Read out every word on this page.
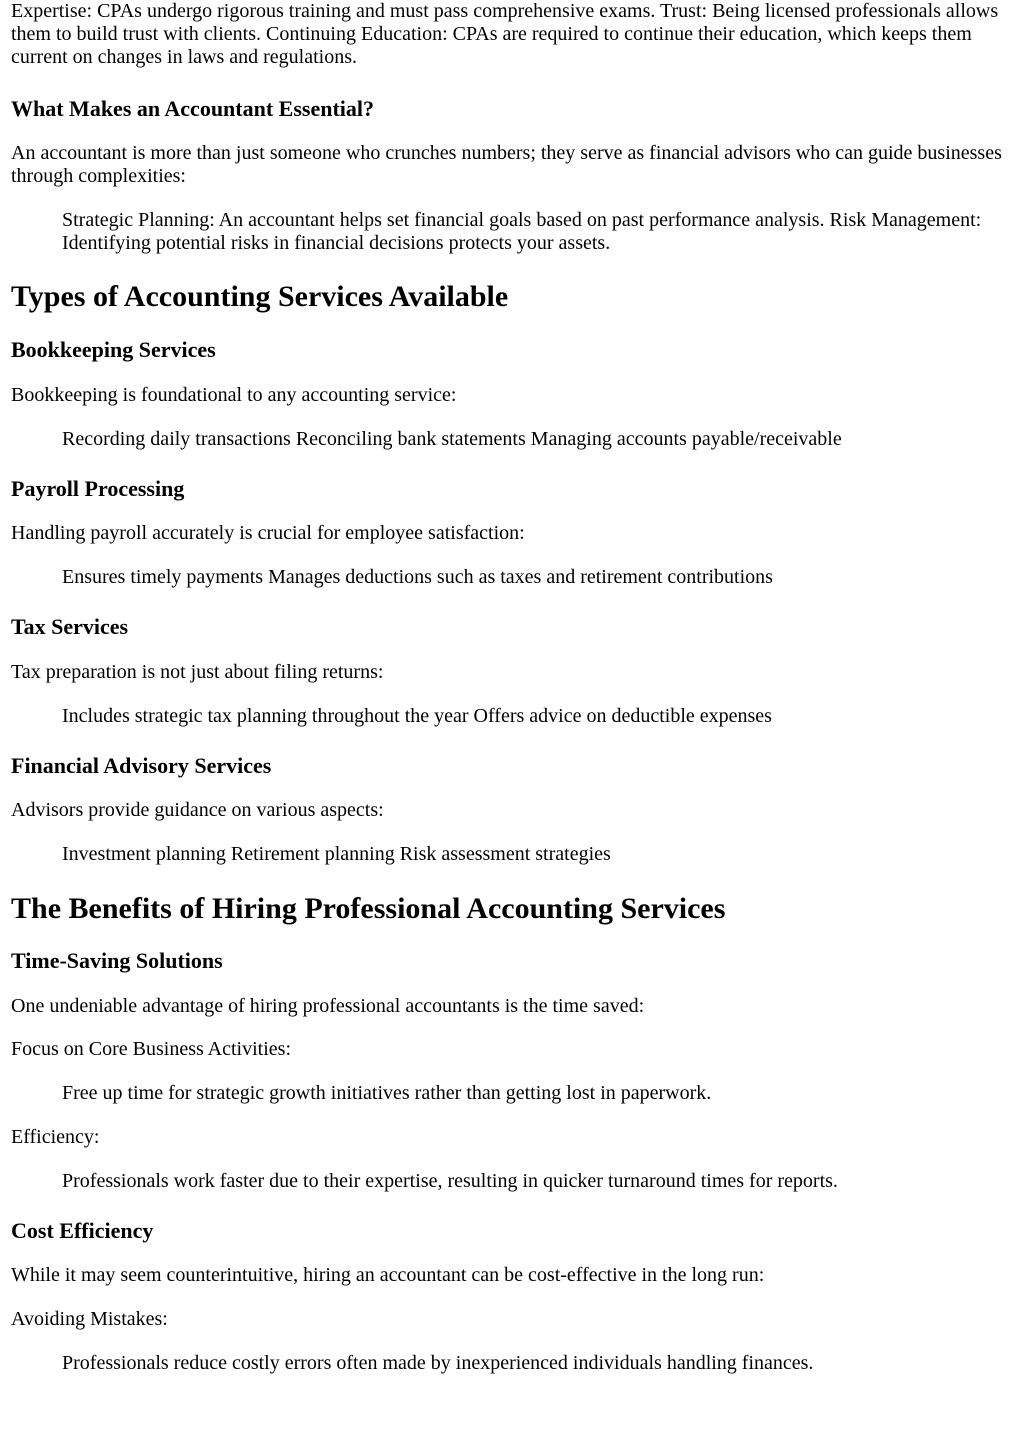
Expertise: CPAs undergo rigorous training and must pass comprehensive exams. Trust: Being licensed professionals allows them to build trust with clients. Continuing Education: CPAs are required to continue their education, which keeps them current on changes in laws and regulations.

What Makes an Accountant Essential?

An accountant is more than just someone who crunches numbers; they serve as financial advisors who can guide businesses through complexities:

Strategic Planning: An accountant helps set financial goals based on past performance analysis. Risk Management: Identifying potential risks in financial decisions protects your assets.

Types of Accounting Services Available
Bookkeeping Services

Bookkeeping is foundational to any accounting service:

Recording daily transactions Reconciling bank statements Managing accounts payable/receivable

Payroll Processing

Handling payroll accurately is crucial for employee satisfaction:

Ensures timely payments Manages deductions such as taxes and retirement contributions

Tax Services

Tax preparation is not just about filing returns:

Includes strategic tax planning throughout the year Offers advice on deductible expenses

Financial Advisory Services

Advisors provide guidance on various aspects:

Investment planning Retirement planning Risk assessment strategies

The Benefits of Hiring Professional Accounting Services
Time-Saving Solutions

One undeniable advantage of hiring professional accountants is the time saved:

Focus on Core Business Activities:

Free up time for strategic growth initiatives rather than getting lost in paperwork.

Efficiency:

Professionals work faster due to their expertise, resulting in quicker turnaround times for reports.

Cost Efficiency

While it may seem counterintuitive, hiring an accountant can be cost-effective in the long run:

Avoiding Mistakes:

Professionals reduce costly errors often made by inexperienced individuals handling finances.
